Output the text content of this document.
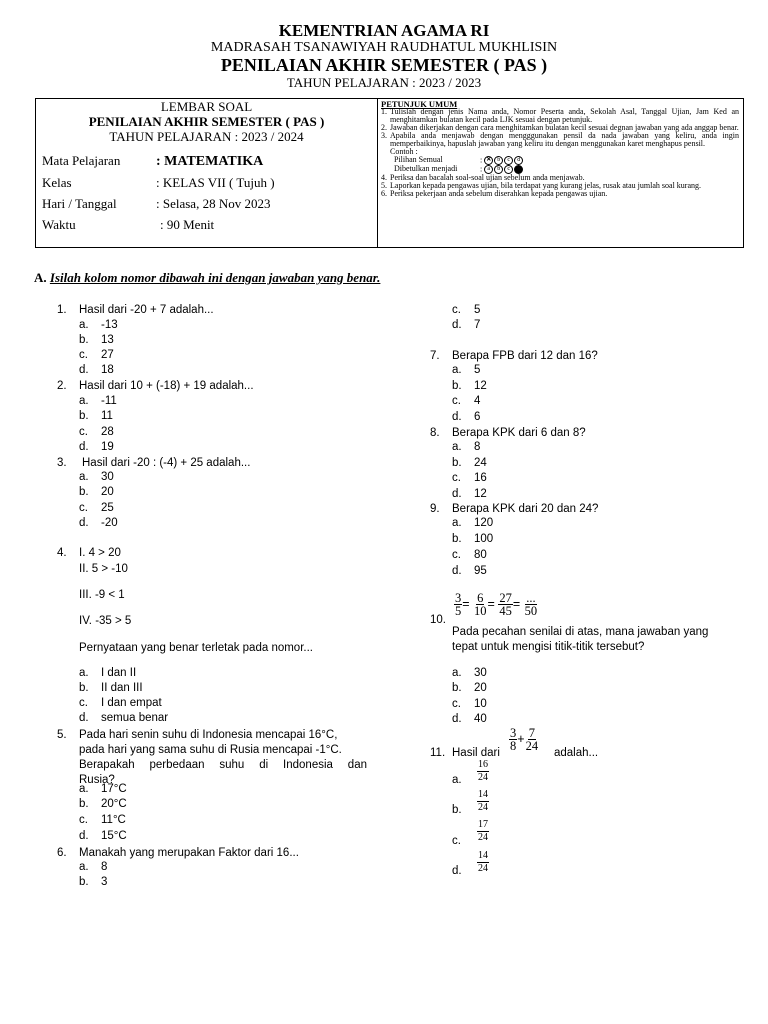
KEMENTRIAN AGAMA RI
MADRASAH TSANAWIYAH RAUDHATUL MUKHLISIN
PENILAIAN AKHIR SEMESTER ( PAS )
TAHUN PELAJARAN : 2023 / 2023
LEMBAR SOAL
PENILAIAN AKHIR SEMESTER ( PAS )
TAHUN PELAJARAN : 2023 / 2024
Mata Pelajaran	: MATEMATIKA
Kelas	: KELAS VII ( Tujuh )
Hari / Tanggal	: Selasa, 28 Nov 2023
Waktu	: 90 Menit
PETUNJUK UMUM
1. Tulislah dengan jenis Nama anda, Nomor Peserta anda, Sekolah Asal, Tanggal Ujian, Jam Ked an menghitamkan bulatan kecil pada LJK sesuai dengan petunjuk.
2. Jawaban dikerjakan dengan cara menghitamkan bulatan kecil sesuai degnan jawaban yang ada anggap benar.
3. Apabila anda menjawab dengan mengggunakan pensil da nada jawaban yang keliru, anda ingin memperbaikinya, hapuslah jawaban yang keliru itu dengan menggunakan karet menghapus pensil.
Contoh :
Pilihan Semual	: ✕ b c d
Dibetulkan menjadi	: a b c
4. Periksa dan bacalah soal-soal ujian sebelum anda menjawab.
5. Laporkan kepada pengawas ujian, bila terdapat yang kurang jelas, rusak atau jumlah soal kurang.
6. Periksa pekerjaan anda sebelum diserahkan kepada pengawas ujian.
A. Isilah kolom nomor dibawah ini dengan jawaban yang benar.
1. Hasil dari -20 + 7 adalah...
a. -13
b. 13
c. 27
d. 18
2. Hasil dari 10 + (-18) + 19 adalah...
a. -11
b. 11
c. 28
d. 19
3. Hasil dari -20 : (-4) + 25 adalah...
a. 30
b. 20
c. 25
d. -20
4. I. 4 > 20
II. 5 > -10
III. -9 < 1
IV. -35 > 5
Pernyataan yang benar terletak pada nomor...
a. I dan II
b. II dan III
c. I dan empat
d. semua benar
5. Pada hari senin suhu di Indonesia mencapai 16°C,
pada hari yang sama suhu di Rusia mencapai -1°C.
Berapakah perbedaan suhu di Indonesia dan
Rusia?
a. 17°C
b. 20°C
c. 11°C
d. 15°C
6. Manakah yang merupakan Faktor dari 16...
a. 8
b. 3
c. 5
d. 7
7. Berapa FPB dari 12 dan 16?
a. 5
b. 12
c. 4
d. 6
8. Berapa KPK dari 6 dan 8?
a. 8
b. 24
c. 16
d. 12
9. Berapa KPK dari 20 dan 24?
a. 120
b. 100
c. 80
d. 95
$\frac{3}{5} = \frac{6}{10} = \frac{27}{45} = \frac{...}{50}$
10.
Pada pecahan senilai di atas, mana jawaban yang
tepat untuk mengisi titik-titik tersebut?
a. 30
b. 20
c. 10
d. 40
11. Hasil dari
$\frac{3}{8} + \frac{7}{24}$
adalah...
a. $\frac{16}{24}$
b. $\frac{14}{24}$
c. $\frac{17}{24}$
d. $\frac{14}{24}$
